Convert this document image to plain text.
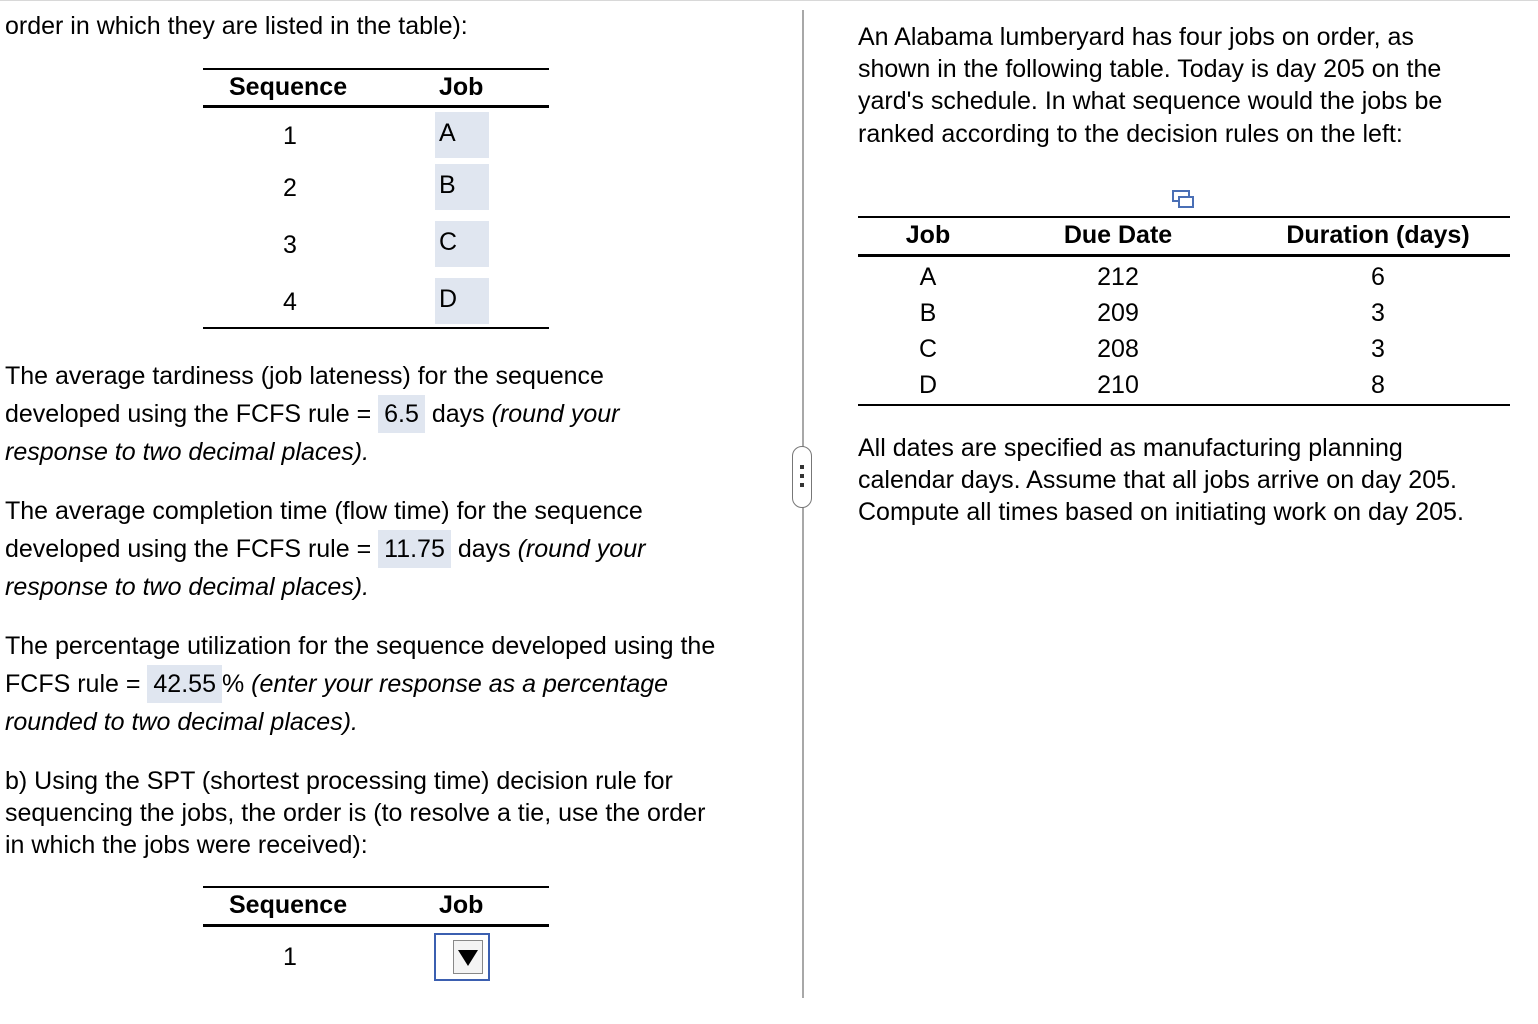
order in which they are listed in the table):
Sequence	Job
1	A
2	B
3	C
4	D
The average tardiness (job lateness) for the sequence
developed using the FCFS rule = 6.5 days (round your
response to two decimal places).
The average completion time (flow time) for the sequence
developed using the FCFS rule = 11.75 days (round your
response to two decimal places).
The percentage utilization for the sequence developed using the
FCFS rule = 42.55 % (enter your response as a percentage
rounded to two decimal places).
b) Using the SPT (shortest processing time) decision rule for
sequencing the jobs, the order is (to resolve a tie, use the order
in which the jobs were received):
Sequence	Job
1
An Alabama lumberyard has four jobs on order, as
shown in the following table. Today is day 205 on the
yard's schedule. In what sequence would the jobs be
ranked according to the decision rules on the left:
Job	Due Date	Duration (days)
A	212	6
B	209	3
C	208	3
D	210	8
All dates are specified as manufacturing planning
calendar days. Assume that all jobs arrive on day 205.
Compute all times based on initiating work on day 205.
